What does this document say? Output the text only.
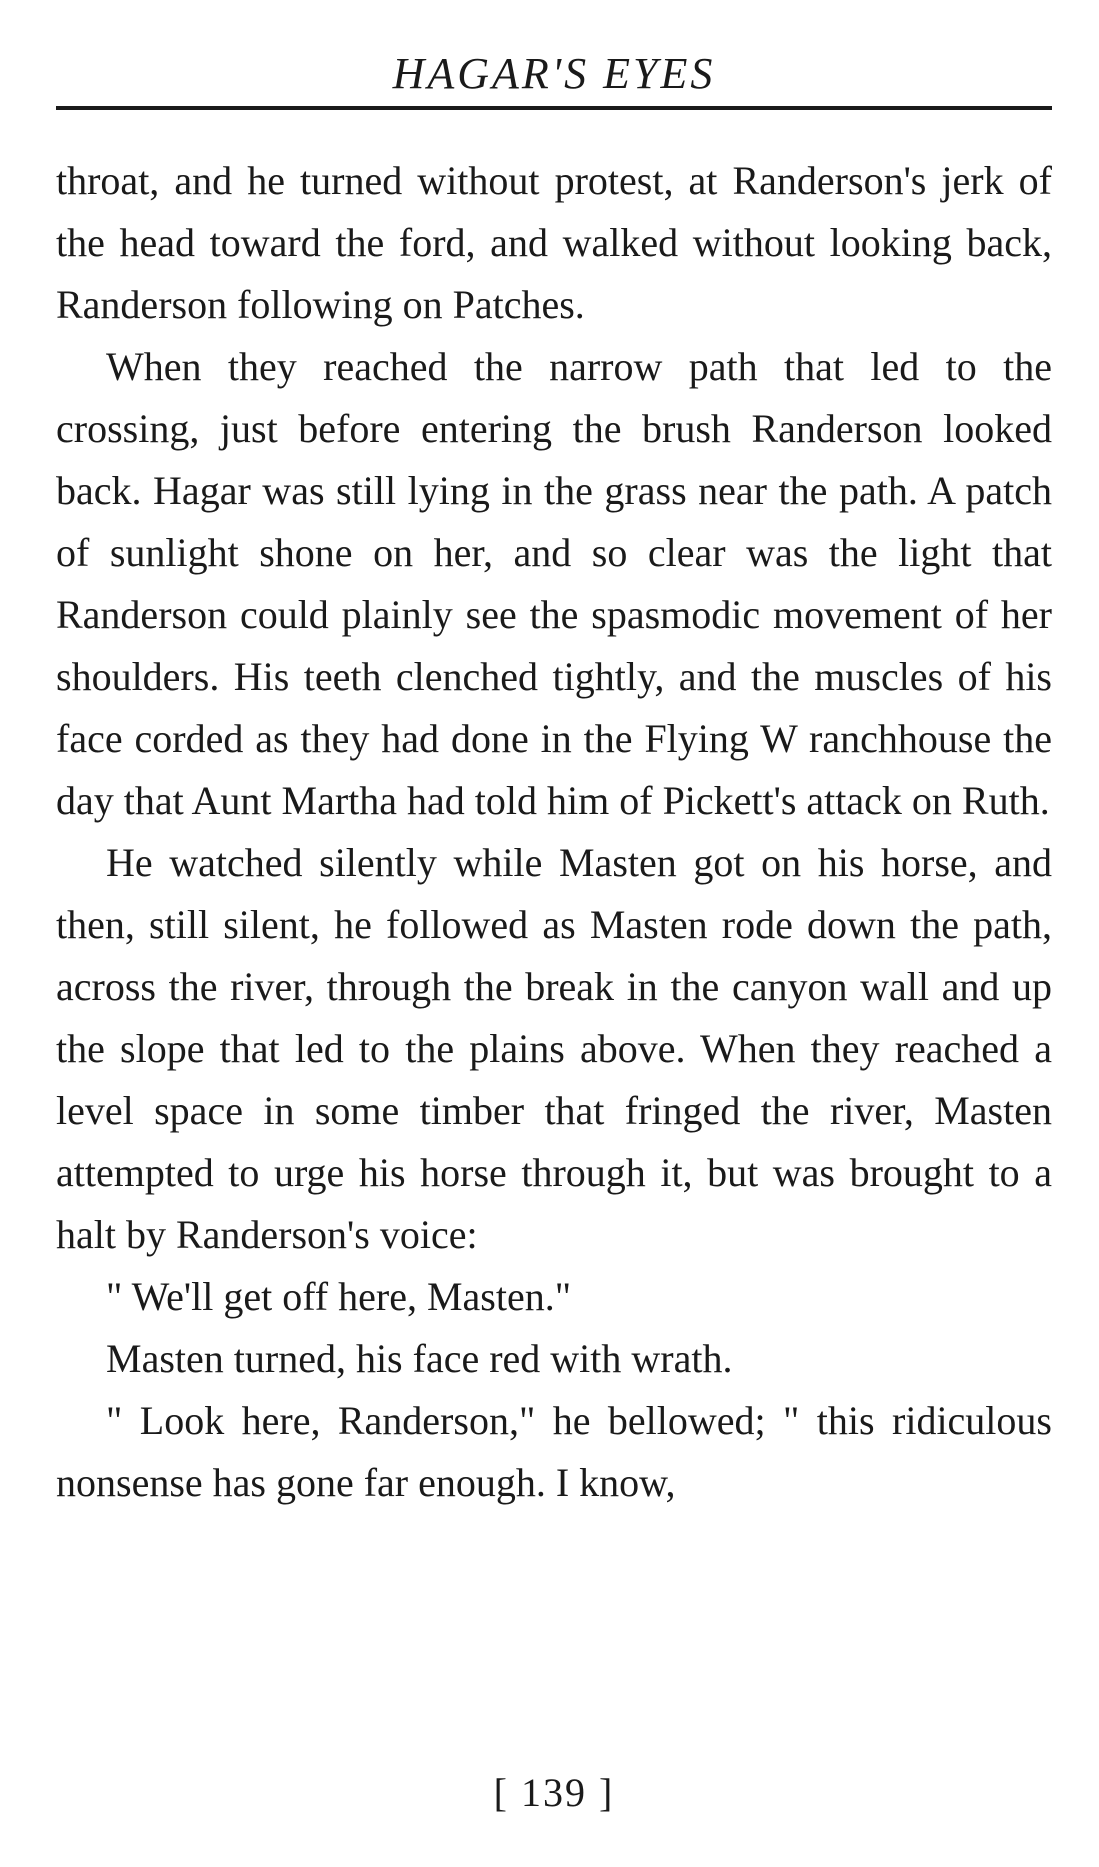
HAGAR'S EYES

throat, and he turned without protest, at Randerson's jerk of the head toward the ford, and walked without looking back, Randerson following on Patches.

When they reached the narrow path that led to the crossing, just before entering the brush Randerson looked back. Hagar was still lying in the grass near the path. A patch of sunlight shone on her, and so clear was the light that Randerson could plainly see the spasmodic movement of her shoulders. His teeth clenched tightly, and the muscles of his face corded as they had done in the Flying W ranchhouse the day that Aunt Martha had told him of Pickett's attack on Ruth.

He watched silently while Masten got on his horse, and then, still silent, he followed as Masten rode down the path, across the river, through the break in the canyon wall and up the slope that led to the plains above. When they reached a level space in some timber that fringed the river, Masten attempted to urge his horse through it, but was brought to a halt by Randerson's voice:

" We'll get off here, Masten."

Masten turned, his face red with wrath.

" Look here, Randerson," he bellowed; " this ridiculous nonsense has gone far enough. I know,

[ 139 ]
